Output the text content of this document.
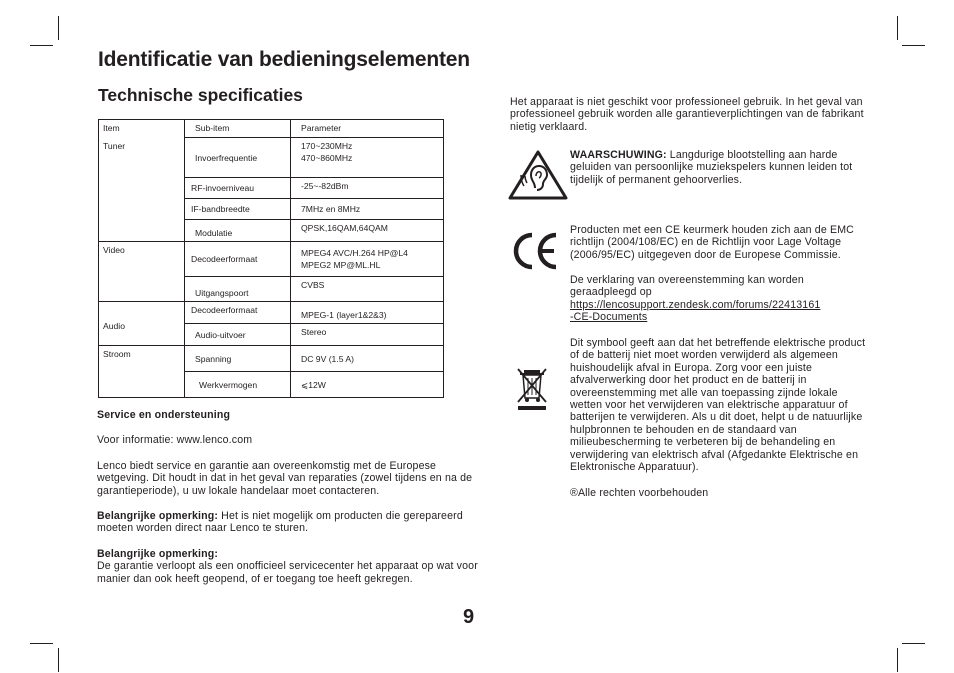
Identificatie van bedieningselementen
Technische specificaties
Item	Sub-item	Parameter
Tuner	Invoerfrequentie	170~230MHz
470~860MHz
	RF-invoerniveau	-25~-82dBm
	IF-bandbreedte	7MHz en 8MHz
	Modulatie	QPSK,16QAM,64QAM
Video	Decodeerformaat	MPEG4 AVC/H.264 HP@L4
MPEG2 MP@ML.HL
	Uitgangspoort	CVBS
Audio	Decodeerformaat	MPEG-1 (layer1&2&3)
	Audio-uitvoer	Stereo
Stroom	Spanning	DC 9V (1.5 A)
	Werkvermogen	⩽12W
Service en ondersteuning
Voor informatie: www.lenco.com
Lenco biedt service en garantie aan overeenkomstig met de Europese wetgeving. Dit houdt in dat in het geval van reparaties (zowel tijdens en na de garantieperiode), u uw lokale handelaar moet contacteren.
Belangrijke opmerking: Het is niet mogelijk om producten die gerepareerd moeten worden direct naar Lenco te sturen.
Belangrijke opmerking:
De garantie verloopt als een onofficieel servicecenter het apparaat op wat voor manier dan ook heeft geopend, of er toegang toe heeft gekregen.
Het apparaat is niet geschikt voor professioneel gebruik. In het geval van professioneel gebruik worden alle garantieverplichtingen van de fabrikant nietig verklaard.
WAARSCHUWING: Langdurige blootstelling aan harde geluiden van persoonlijke muziekspelers kunnen leiden tot tijdelijk of permanent gehoorverlies.
Producten met een CE keurmerk houden zich aan de EMC richtlijn (2004/108/EC) en de Richtlijn voor Lage Voltage (2006/95/EC) uitgegeven door de Europese Commissie.
De verklaring van overeenstemming kan worden geraadpleegd op
https://lencosupport.zendesk.com/forums/22413161
-CE-Documents
Dit symbool geeft aan dat het betreffende elektrische product of de batterij niet moet worden verwijderd als algemeen huishoudelijk afval in Europa. Zorg voor een juiste afvalverwerking door het product en de batterij in overeenstemming met alle van toepassing zijnde lokale wetten voor het verwijderen van elektrische apparatuur of batterijen te verwijderen. Als u dit doet, helpt u de natuurlijke hulpbronnen te behouden en de standaard van milieubescherming te verbeteren bij de behandeling en verwijdering van elektrisch afval (Afgedankte Elektrische en Elektronische Apparatuur).
®Alle rechten voorbehouden
9
